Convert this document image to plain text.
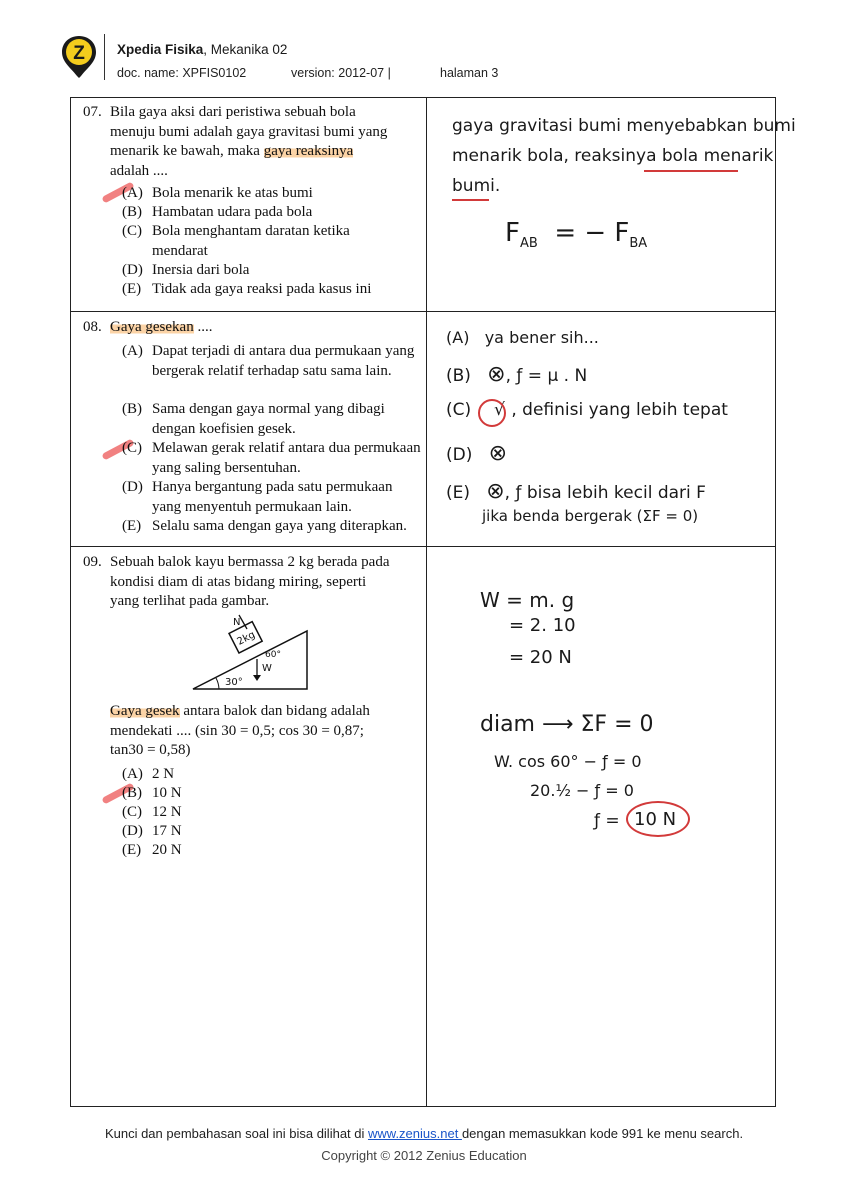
Z Xpedia Fisika, Mekanika 02
doc. name: XPFIS0102	version: 2012-07 |	halaman 3
07. Bila gaya aksi dari peristiwa sebuah bola menuju bumi adalah gaya gravitasi bumi yang menarik ke bawah, maka gaya reaksinya adalah ....
(A) Bola menarik ke atas bumi
(B) Hambatan udara pada bola
(C) Bola menghantam daratan ketika mendarat
(D) Inersia dari bola
(E) Tidak ada gaya reaksi pada kasus ini
gaya gravitasi bumi menyebabkan bumi
menarik bola, reaksinya bola menarik
bumi.
$F_{AB}$ = − $F_{BA}$
08. Gaya gesekan ....
(A) Dapat terjadi di antara dua permukaan yang bergerak relatif terhadap satu sama lain.
(B) Sama dengan gaya normal yang dibagi dengan koefisien gesek.
(C) Melawan gerak relatif antara dua permukaan yang saling bersentuhan.
(D) Hanya bergantung pada satu permukaan yang menyentuh permukaan lain.
(E) Selalu sama dengan gaya yang diterapkan.
(A) ya bener sih...
(B) ⊗, ƒ = μ . N
(C) √ , definisi yang lebih tepat
(D) ⊗
(E) ⊗, ƒ bisa lebih kecil dari F
jika benda bergerak (ΣF = 0)
09. Sebuah balok kayu bermassa 2 kg berada pada kondisi diam di atas bidang miring, seperti yang terlihat pada gambar.
2kg
N
W
60°
30°
Gaya gesek antara balok dan bidang adalah mendekati .... (sin 30 = 0,5; cos 30 = 0,87; tan30 = 0,58)
(A) 2 N
(B) 10 N
(C) 12 N
(D) 17 N
(E) 20 N
W = m. g
= 2. 10
= 20 N
diam ⟶ ΣF = 0
W. cos 60° − ƒ = 0
20.½ − ƒ = 0
ƒ = 10 N
Kunci dan pembahasan soal ini bisa dilihat di www.zenius.net dengan memasukkan kode 991 ke menu search.
Copyright © 2012 Zenius Education
